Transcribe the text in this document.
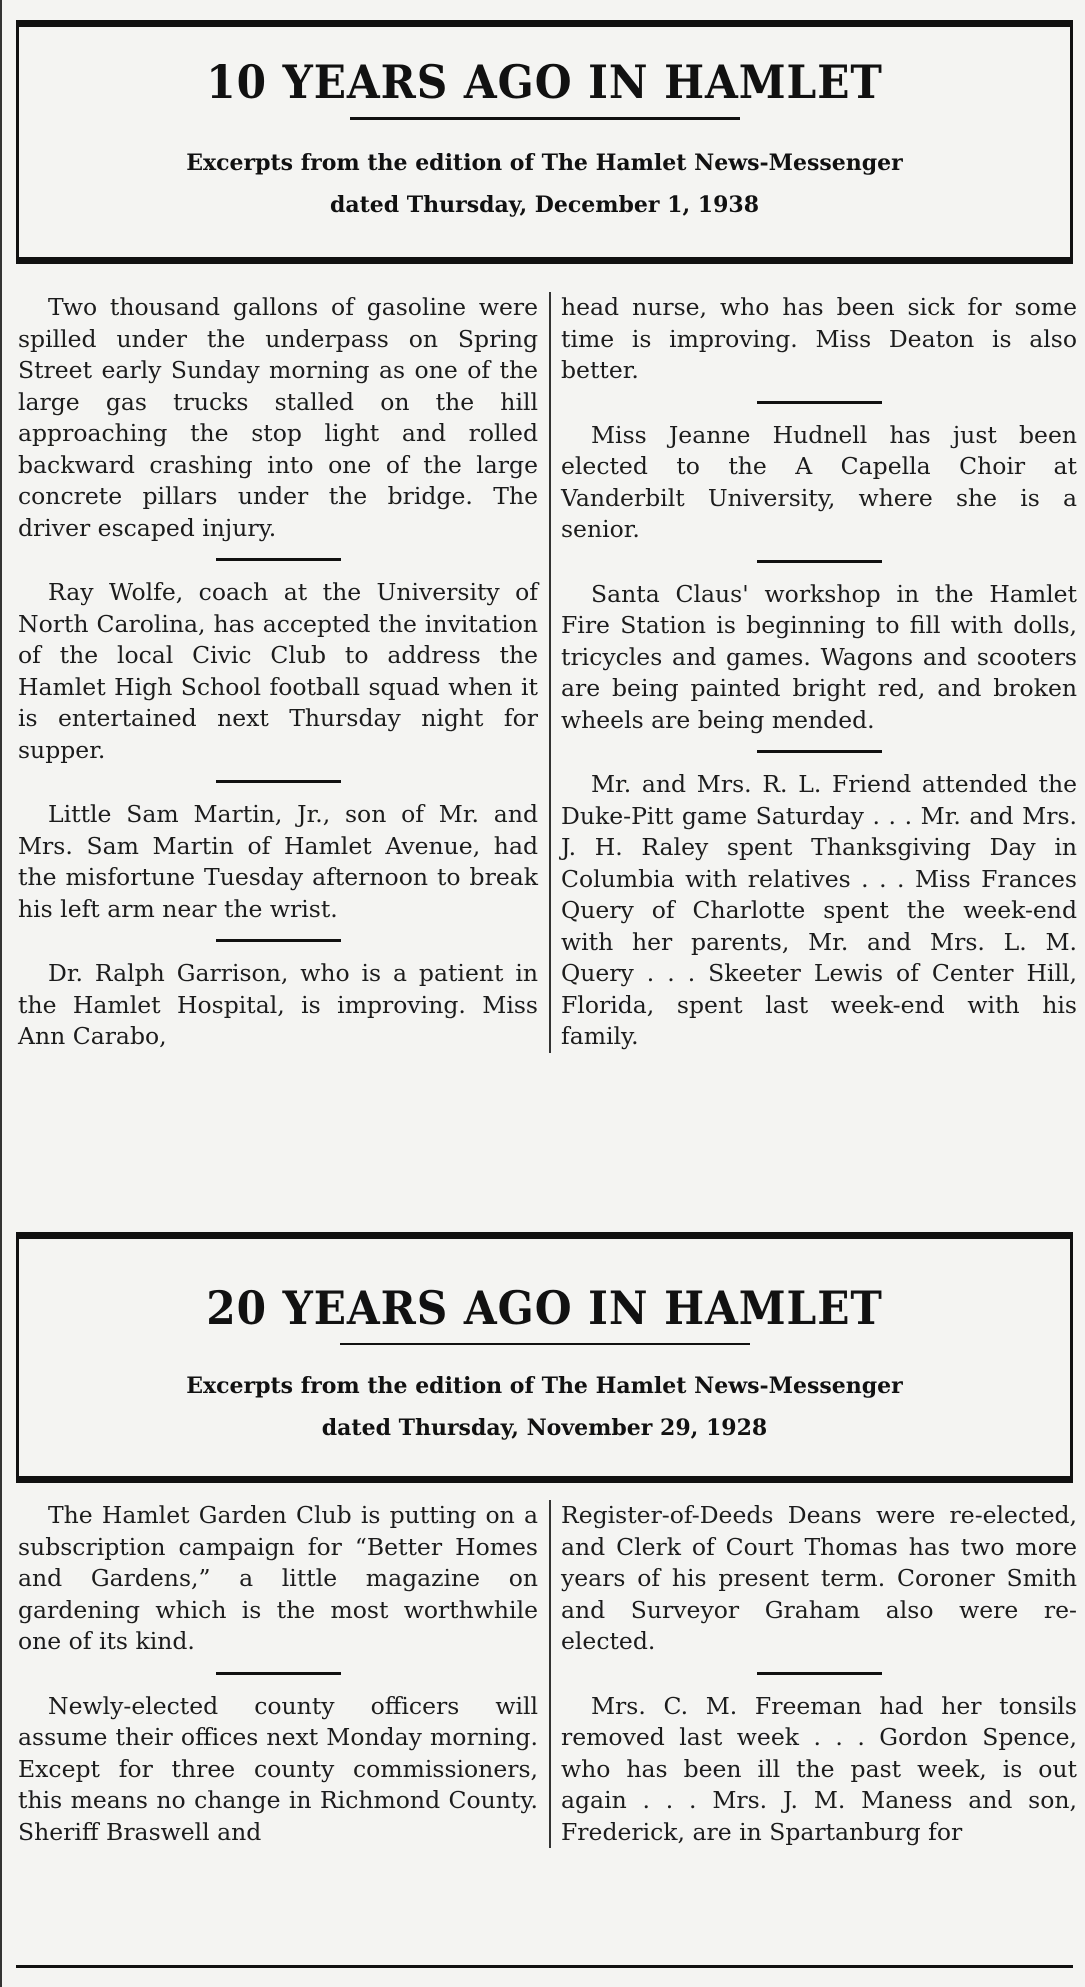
10 YEARS AGO IN HAMLET
Excerpts from the edition of The Hamlet News-Messenger
dated Thursday, December 1, 1938

Two thousand gallons of gasoline were spilled under the underpass on Spring Street early Sunday morning as one of the large gas trucks stalled on the hill approaching the stop light and rolled backward crashing into one of the large concrete pillars under the bridge. The driver escaped injury.

Ray Wolfe, coach at the University of North Carolina, has accepted the invitation of the local Civic Club to address the Hamlet High School football squad when it is entertained next Thursday night for supper.

Little Sam Martin, Jr., son of Mr. and Mrs. Sam Martin of Hamlet Avenue, had the misfortune Tuesday afternoon to break his left arm near the wrist.

Dr. Ralph Garrison, who is a patient in the Hamlet Hospital, is improving. Miss Ann Carabo,

head nurse, who has been sick for some time is improving. Miss Deaton is also better.

Miss Jeanne Hudnell has just been elected to the A Capella Choir at Vanderbilt University, where she is a senior.

Santa Claus' workshop in the Hamlet Fire Station is beginning to fill with dolls, tricycles and games. Wagons and scooters are being painted bright red, and broken wheels are being mended.

Mr. and Mrs. R. L. Friend attended the Duke-Pitt game Saturday . . . Mr. and Mrs. J. H. Raley spent Thanksgiving Day in Columbia with relatives . . . Miss Frances Query of Charlotte spent the week-end with her parents, Mr. and Mrs. L. M. Query . . . Skeeter Lewis of Center Hill, Florida, spent last week-end with his family.

20 YEARS AGO IN HAMLET
Excerpts from the edition of The Hamlet News-Messenger
dated Thursday, November 29, 1928

The Hamlet Garden Club is putting on a subscription campaign for “Better Homes and Gardens,” a little magazine on gardening which is the most worthwhile one of its kind.

Newly-elected county officers will assume their offices next Monday morning. Except for three county commissioners, this means no change in Richmond County. Sheriff Braswell and

Register-of-Deeds Deans were re-elected, and Clerk of Court Thomas has two more years of his present term. Coroner Smith and Surveyor Graham also were re-elected.

Mrs. C. M. Freeman had her tonsils removed last week . . . Gordon Spence, who has been ill the past week, is out again . . . Mrs. J. M. Maness and son, Frederick, are in Spartanburg for
